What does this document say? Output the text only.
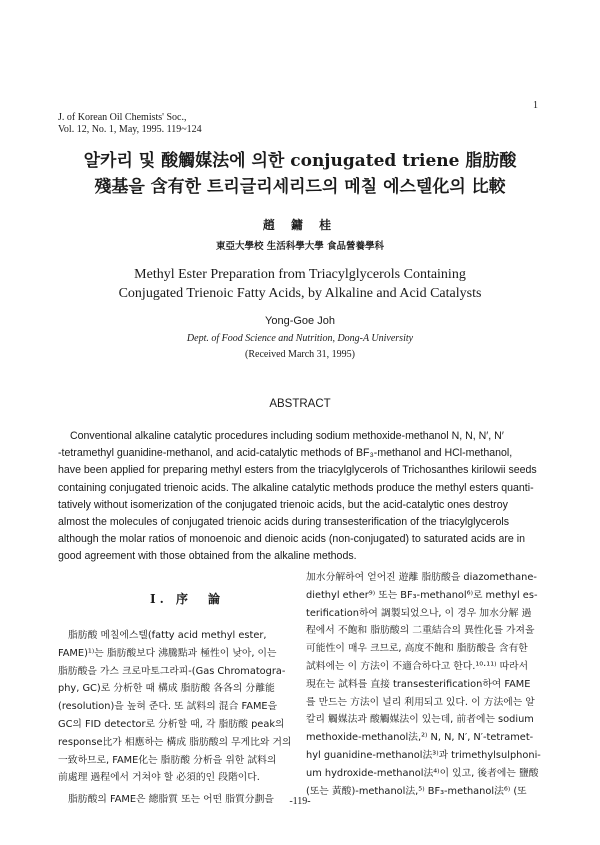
J. of Korean Oil Chemists' Soc.,
Vol. 12, No. 1, May, 1995. 119~124
1
알카리 및 酸觸媒法에 의한 conjugated triene 脂肪酸
殘基을 含有한 트리글리세리드의 메칠 에스텔化의 比較
趙 鏞 桂
東亞大學校 生活科學大學 食品營養學科
Methyl Ester Preparation from Triacylglycerols Containing
Conjugated Trienoic Fatty Acids, by Alkaline and Acid Catalysts
Yong-Goe Joh
Dept. of Food Science and Nutrition, Dong-A University
(Received March 31, 1995)
ABSTRACT
Conventional alkaline catalytic procedures including sodium methoxide-methanol N, N, N′, N′
-tetramethyl guanidine-methanol, and acid-catalytic methods of BF₃-methanol and HCl-methanol,
have been applied for preparing methyl esters from the triacylglycerols of Trichosanthes kirilowii seeds
containing conjugated trienoic acids. The alkaline catalytic methods produce the methyl esters quanti-
tatively without isomerization of the conjugated trienoic acids, but the acid-catalytic ones destroy
almost the molecules of conjugated trienoic acids during transesterification of the triacylglycerols
although the molar ratios of monoenoic and dienoic acids (non-conjugated) to saturated acids are in
good agreement with those obtained from the alkaline methods.
Ⅰ. 序　論
脂肪酸 메칠에스텔(fatty acid methyl ester,
FAME)¹⁾는 脂肪酸보다 沸騰點과 極性이 낮아, 이는
脂肪酸을 가스 크로마토그라피-(Gas Chromatogra-
phy, GC)로 分析한 때 構成 脂肪酸 各各의 分離能
(resolution)을 높혀 준다. 또 試料의 混合 FAME을
GC의 FID detector로 分析할 때, 각 脂肪酸 peak의
response比가 相應하는 構成 脂肪酸의 무게比와 거의
一致하므로, FAME化는 脂肪酸 分析을 위한 試料의
前處理 過程에서 거쳐야 할 必須的인 段階이다.
脂肪酸의 FAME은 總脂質 또는 어떤 脂質分劃을
加水分解하여 얻어진 遊離 脂肪酸을 diazomethane-
diethyl ether⁹⁾ 또는 BF₃-methanol⁶⁾로 methyl es-
terification하여 調製되었으나, 이 경우 加水分解 過
程에서 不飽和 脂肪酸의 二重結合의 異性化를 가져올
可能性이 매우 크므로, 高度不飽和 脂肪酸을 含有한
試料에는 이 方法이 不適合하다고 한다.¹⁰·¹¹⁾ 따라서
現在는 試料를 直接 transesterification하여 FAME
를 만드는 方法이 널리 利用되고 있다. 이 方法에는 알
칼리 觸媒法과 酸觸媒法이 있는데, 前者에는 sodium
methoxide-methanol法,²⁾ N, N, N′, N′-tetramet-
hyl guanidine-methanol法³⁾과 trimethylsulphoni-
um hydroxide-methanol法⁴⁾이 있고, 後者에는 鹽酸
(또는 黃酸)-methanol法,⁵⁾ BF₃-methanol法⁶⁾ (또
-119-
